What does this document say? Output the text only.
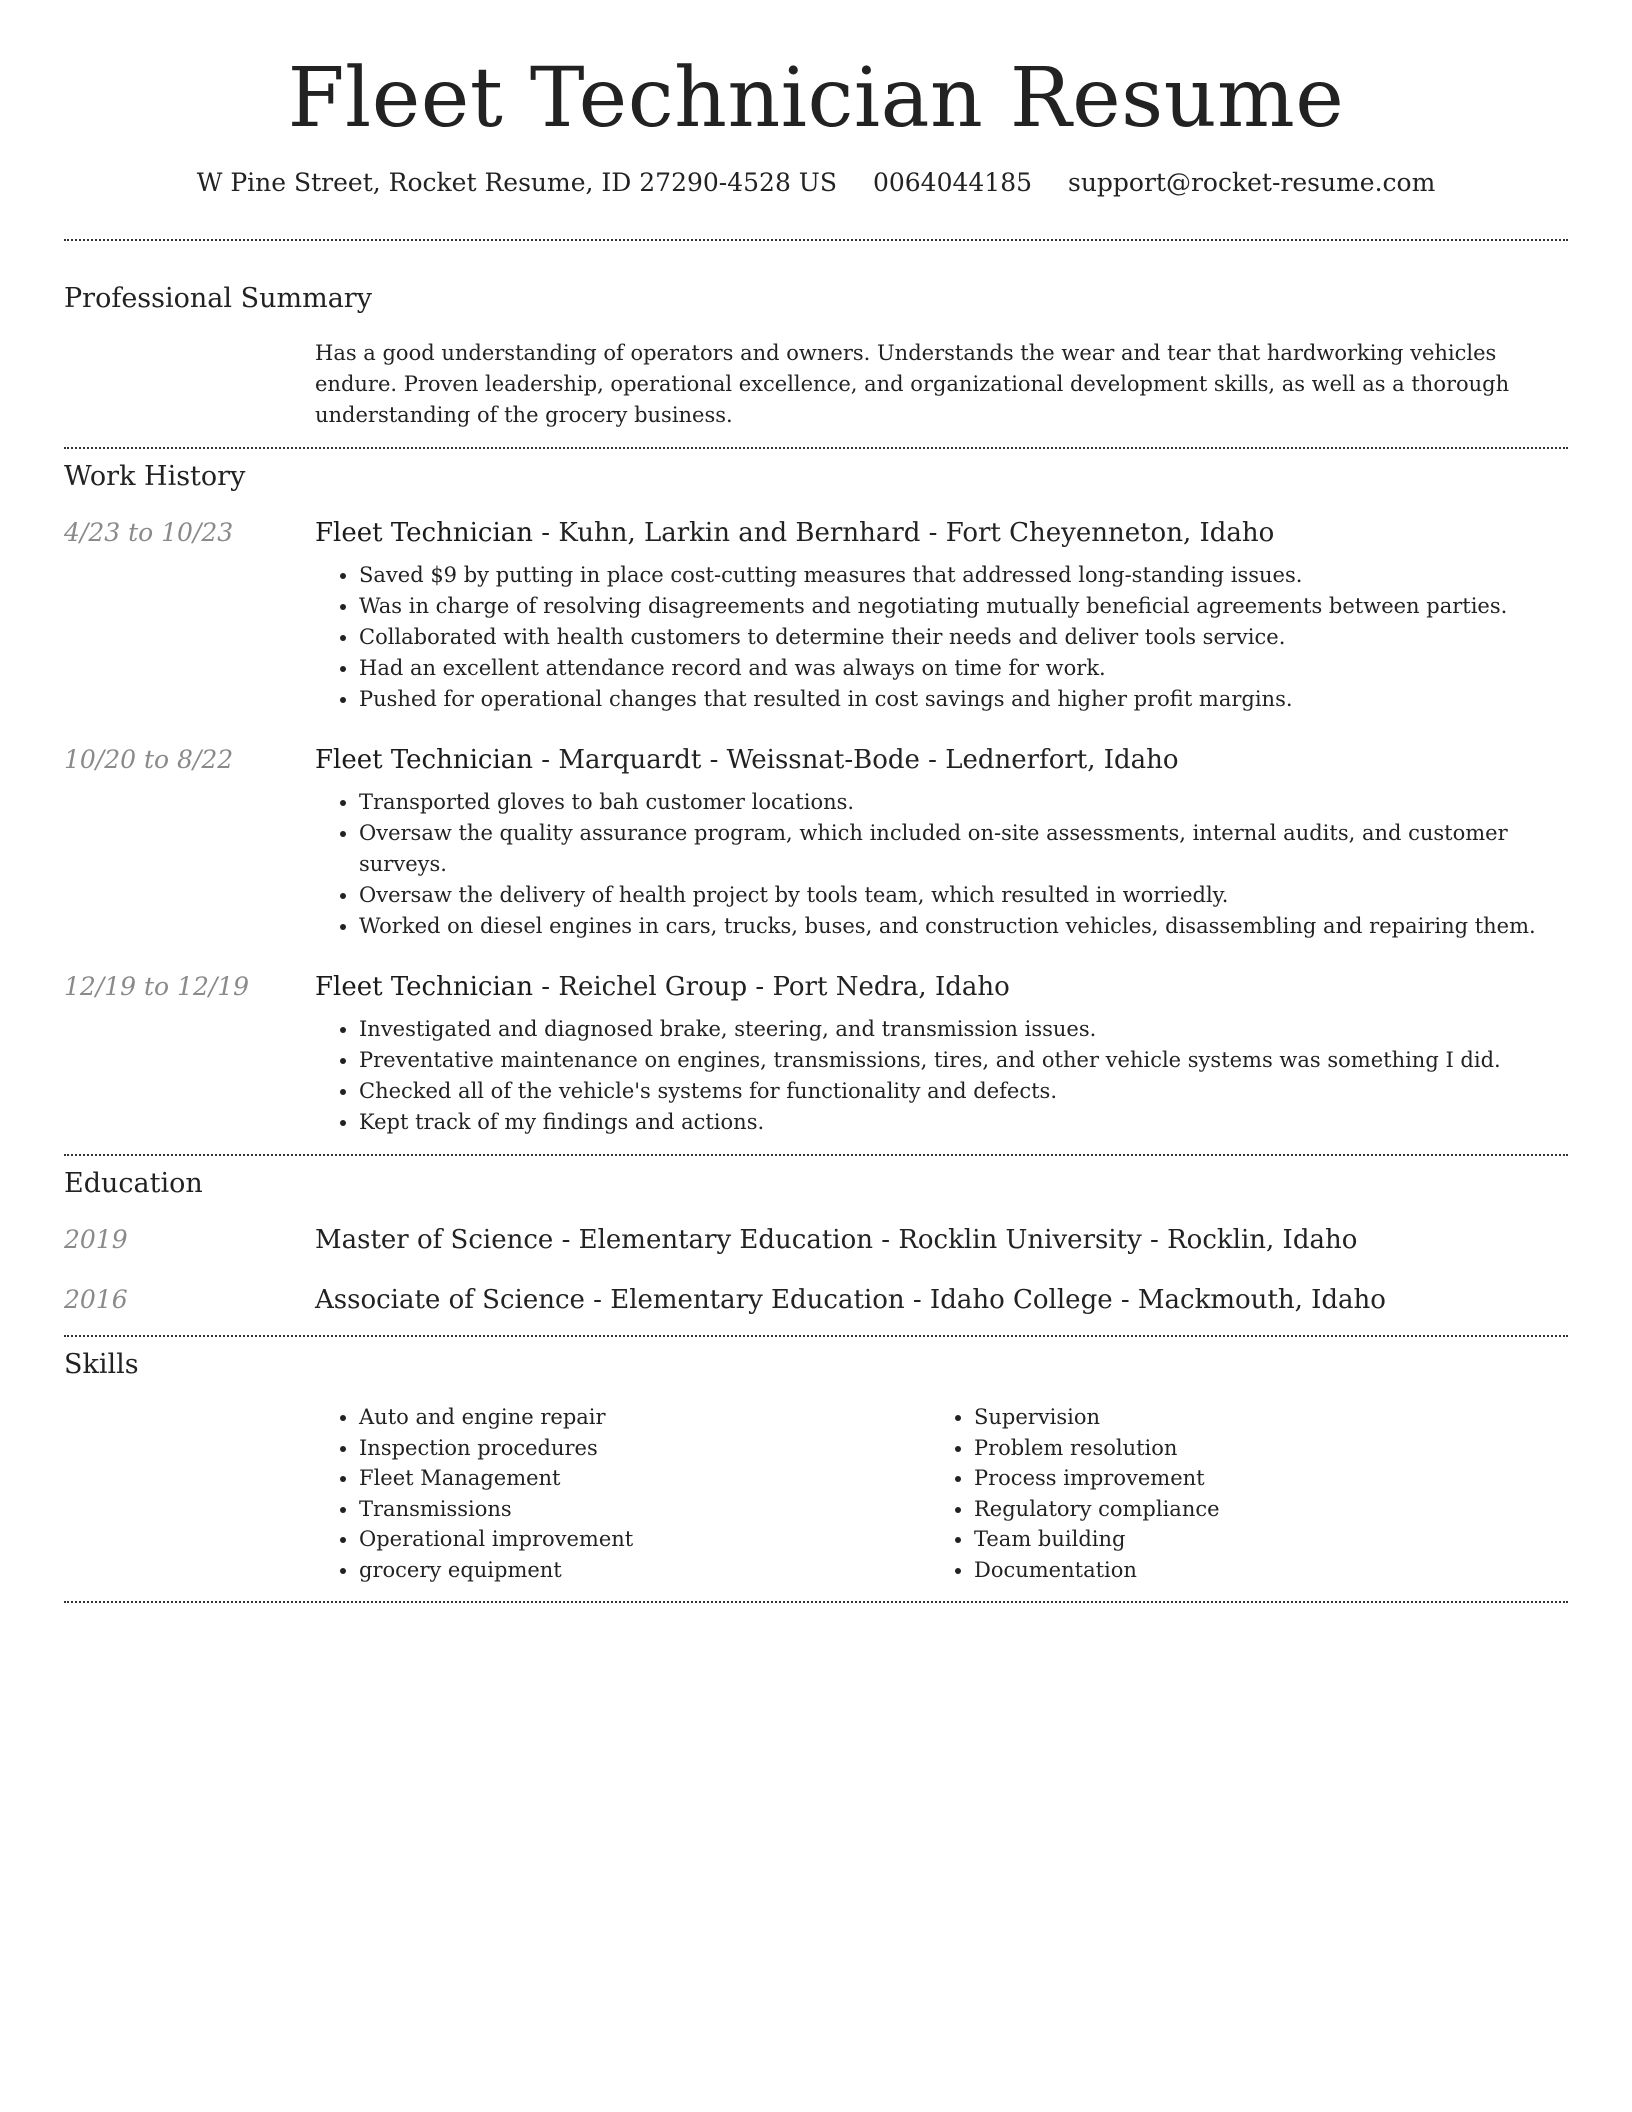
Fleet Technician Resume
W Pine Street, Rocket Resume, ID 27290-4528 US 0064044185 support@rocket-resume.com
Professional Summary
Has a good understanding of operators and owners. Understands the wear and tear that hardworking vehicles endure. Proven leadership, operational excellence, and organizational development skills, as well as a thorough understanding of the grocery business.
Work History
4/23 to 10/23	Fleet Technician - Kuhn, Larkin and Bernhard - Fort Cheyenneton, Idaho
• Saved $9 by putting in place cost-cutting measures that addressed long-standing issues.
• Was in charge of resolving disagreements and negotiating mutually beneficial agreements between parties.
• Collaborated with health customers to determine their needs and deliver tools service.
• Had an excellent attendance record and was always on time for work.
• Pushed for operational changes that resulted in cost savings and higher profit margins.
10/20 to 8/22	Fleet Technician - Marquardt - Weissnat-Bode - Lednerfort, Idaho
• Transported gloves to bah customer locations.
• Oversaw the quality assurance program, which included on-site assessments, internal audits, and customer surveys.
• Oversaw the delivery of health project by tools team, which resulted in worriedly.
• Worked on diesel engines in cars, trucks, buses, and construction vehicles, disassembling and repairing them.
12/19 to 12/19	Fleet Technician - Reichel Group - Port Nedra, Idaho
• Investigated and diagnosed brake, steering, and transmission issues.
• Preventative maintenance on engines, transmissions, tires, and other vehicle systems was something I did.
• Checked all of the vehicle's systems for functionality and defects.
• Kept track of my findings and actions.
Education
2019	Master of Science - Elementary Education - Rocklin University - Rocklin, Idaho
2016	Associate of Science - Elementary Education - Idaho College - Mackmouth, Idaho
Skills
• Auto and engine repair
• Inspection procedures
• Fleet Management
• Transmissions
• Operational improvement
• grocery equipment
• Supervision
• Problem resolution
• Process improvement
• Regulatory compliance
• Team building
• Documentation
